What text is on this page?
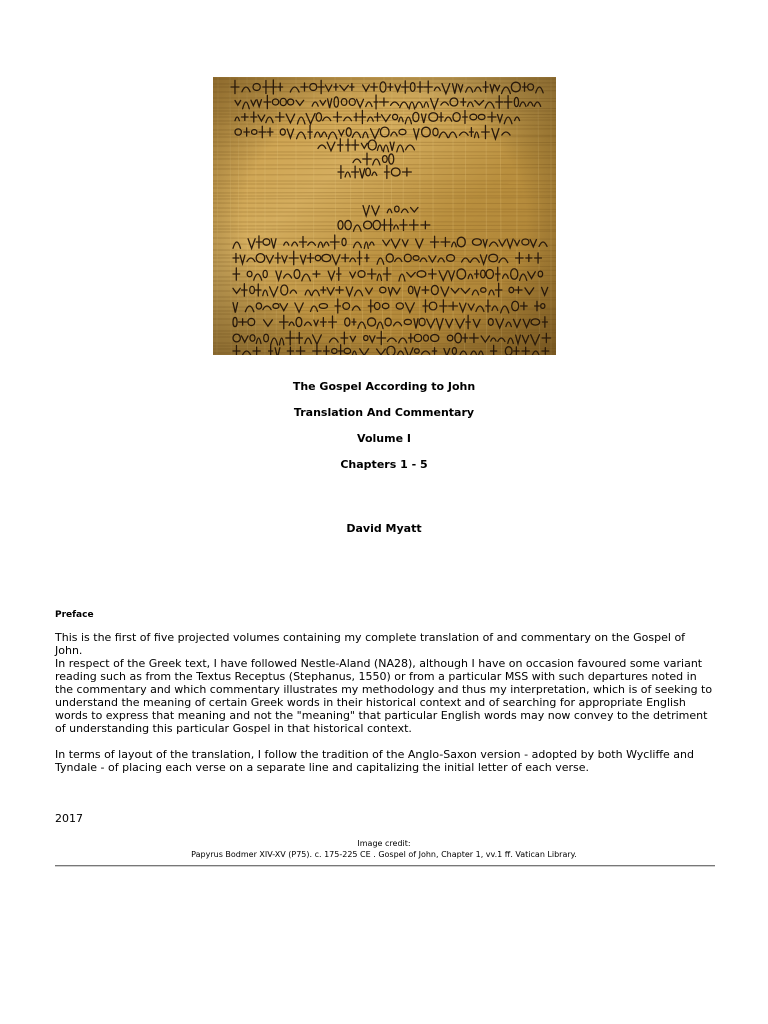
The Gospel According to John
Translation And Commentary
Volume I
Chapters 1 - 5
David Myatt
Preface

This is the first of five projected volumes containing my complete translation of and commentary on the Gospel of John.

In respect of the Greek text, I have followed Nestle-Aland (NA28), although I have on occasion favoured some variant reading such as from the Textus Receptus (Stephanus, 1550) or from a particular MSS with such departures noted in the commentary and which commentary illustrates my methodology and thus my interpretation, which is of seeking to understand the meaning of certain Greek words in their historical context and of searching for appropriate English words to express that meaning and not the "meaning" that particular English words may now convey to the detriment of understanding this particular Gospel in that historical context.

In terms of layout of the translation, I follow the tradition of the Anglo-Saxon version - adopted by both Wycliffe and Tyndale - of placing each verse on a separate line and capitalizing the initial letter of each verse.

2017
Image credit:
Papyrus Bodmer XIV-XV (P75). c. 175-225 CE . Gospel of John, Chapter 1, vv.1 ff. Vatican Library.
